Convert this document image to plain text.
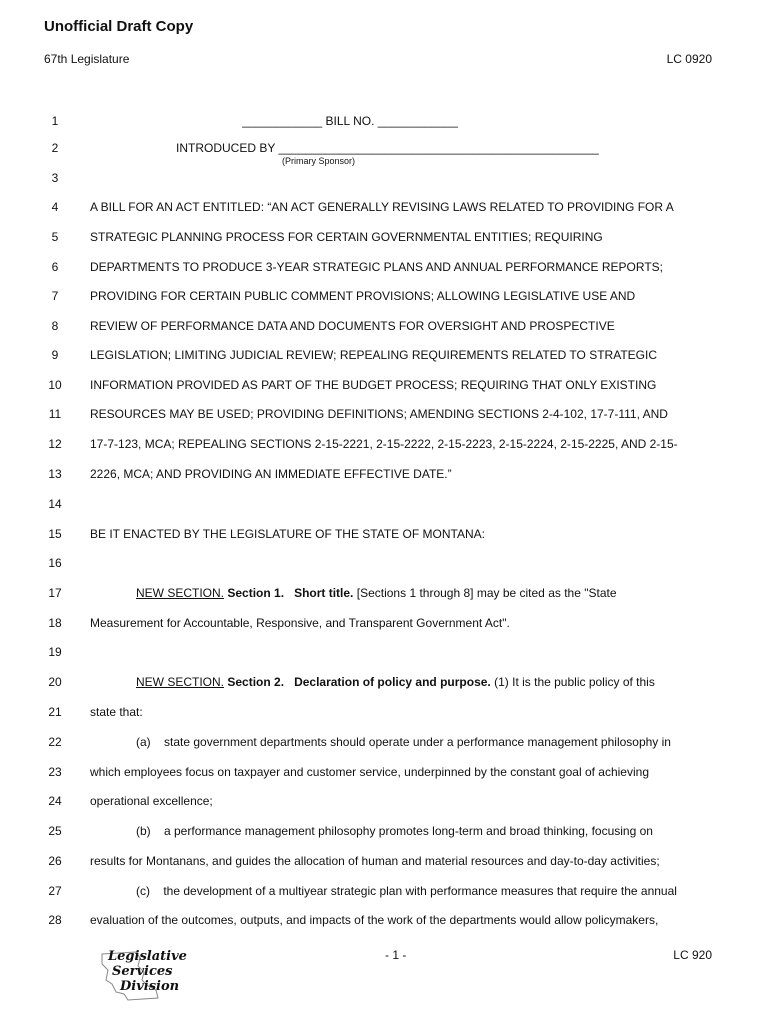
Unofficial Draft Copy
67th Legislature	LC 0920
1	____________ BILL NO. ____________
2	INTRODUCED BY ________________________________________________
(Primary Sponsor)
3
4	A BILL FOR AN ACT ENTITLED: “AN ACT GENERALLY REVISING LAWS RELATED TO PROVIDING FOR A
5	STRATEGIC PLANNING PROCESS FOR CERTAIN GOVERNMENTAL ENTITIES; REQUIRING
6	DEPARTMENTS TO PRODUCE 3-YEAR STRATEGIC PLANS AND ANNUAL PERFORMANCE REPORTS;
7	PROVIDING FOR CERTAIN PUBLIC COMMENT PROVISIONS; ALLOWING LEGISLATIVE USE AND
8	REVIEW OF PERFORMANCE DATA AND DOCUMENTS FOR OVERSIGHT AND PROSPECTIVE
9	LEGISLATION; LIMITING JUDICIAL REVIEW; REPEALING REQUIREMENTS RELATED TO STRATEGIC
10	INFORMATION PROVIDED AS PART OF THE BUDGET PROCESS; REQUIRING THAT ONLY EXISTING
11	RESOURCES MAY BE USED; PROVIDING DEFINITIONS; AMENDING SECTIONS 2-4-102, 17-7-111, AND
12	17-7-123, MCA; REPEALING SECTIONS 2-15-2221, 2-15-2222, 2-15-2223, 2-15-2224, 2-15-2225, AND 2-15-
13	2226, MCA; AND PROVIDING AN IMMEDIATE EFFECTIVE DATE.”
14
15	BE IT ENACTED BY THE LEGISLATURE OF THE STATE OF MONTANA:
16
17	NEW SECTION. Section 1. Short title. [Sections 1 through 8] may be cited as the "State
18	Measurement for Accountable, Responsive, and Transparent Government Act".
19
20	NEW SECTION. Section 2. Declaration of policy and purpose. (1) It is the public policy of this
21	state that:
22	(a)    state government departments should operate under a performance management philosophy in
23	which employees focus on taxpayer and customer service, underpinned by the constant goal of achieving
24	operational excellence;
25	(b)    a performance management philosophy promotes long-term and broad thinking, focusing on
26	results for Montanans, and guides the allocation of human and material resources and day-to-day activities;
27	(c)    the development of a multiyear strategic plan with performance measures that require the annual
28	evaluation of the outcomes, outputs, and impacts of the work of the departments would allow policymakers,
Legislative
Services
Division
- 1 -	LC 920
